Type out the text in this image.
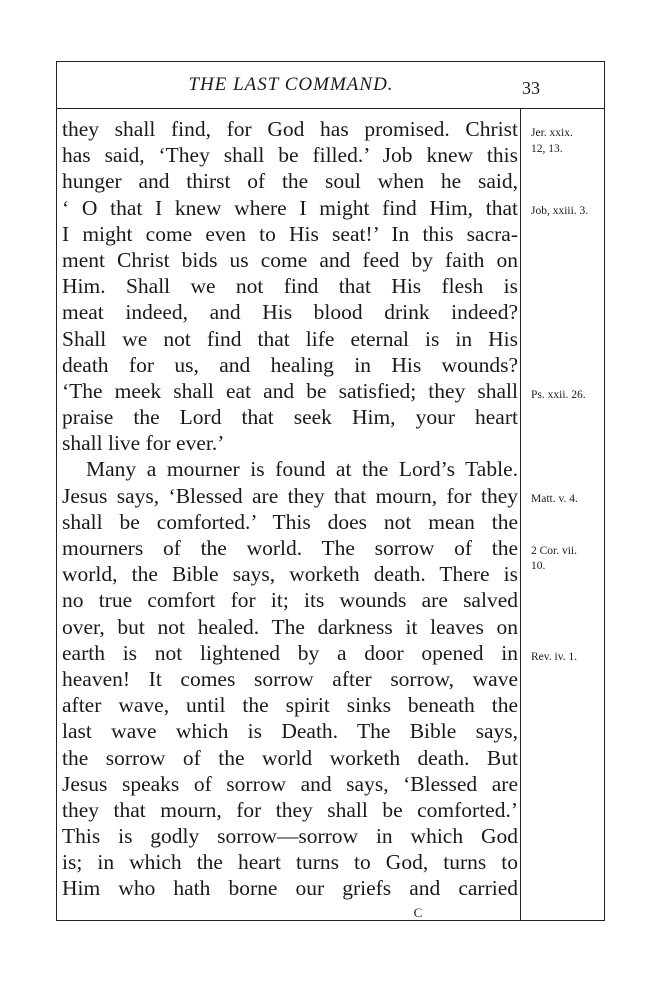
THE LAST COMMAND.	33
they shall find, for God has promised. Christ
has said, ‘They shall be filled.’ Job knew this
hunger and thirst of the soul when he said,
‘ O that I knew where I might find Him, that
I might come even to His seat!’ In this sacra-
ment Christ bids us come and feed by faith on
Him. Shall we not find that His flesh is
meat indeed, and His blood drink indeed?
Shall we not find that life eternal is in His
death for us, and healing in His wounds?
‘The meek shall eat and be satisfied; they shall
praise the Lord that seek Him, your heart
shall live for ever.’
Many a mourner is found at the Lord’s Table.
Jesus says, ‘Blessed are they that mourn, for they
shall be comforted.’ This does not mean the
mourners of the world. The sorrow of the
world, the Bible says, worketh death. There is
no true comfort for it; its wounds are salved
over, but not healed. The darkness it leaves on
earth is not lightened by a door opened in
heaven! It comes sorrow after sorrow, wave
after wave, until the spirit sinks beneath the
last wave which is Death. The Bible says,
the sorrow of the world worketh death. But
Jesus speaks of sorrow and says, ‘Blessed are
they that mourn, for they shall be comforted.’
This is godly sorrow—sorrow in which God
is; in which the heart turns to God, turns to
Him who hath borne our griefs and carried
Jer. xxix.
12, 13.
Job, xxiii. 3.
Ps. xxii. 26.
Matt. v. 4.
2 Cor. vii.
10.
Rev. iv. 1.
C
